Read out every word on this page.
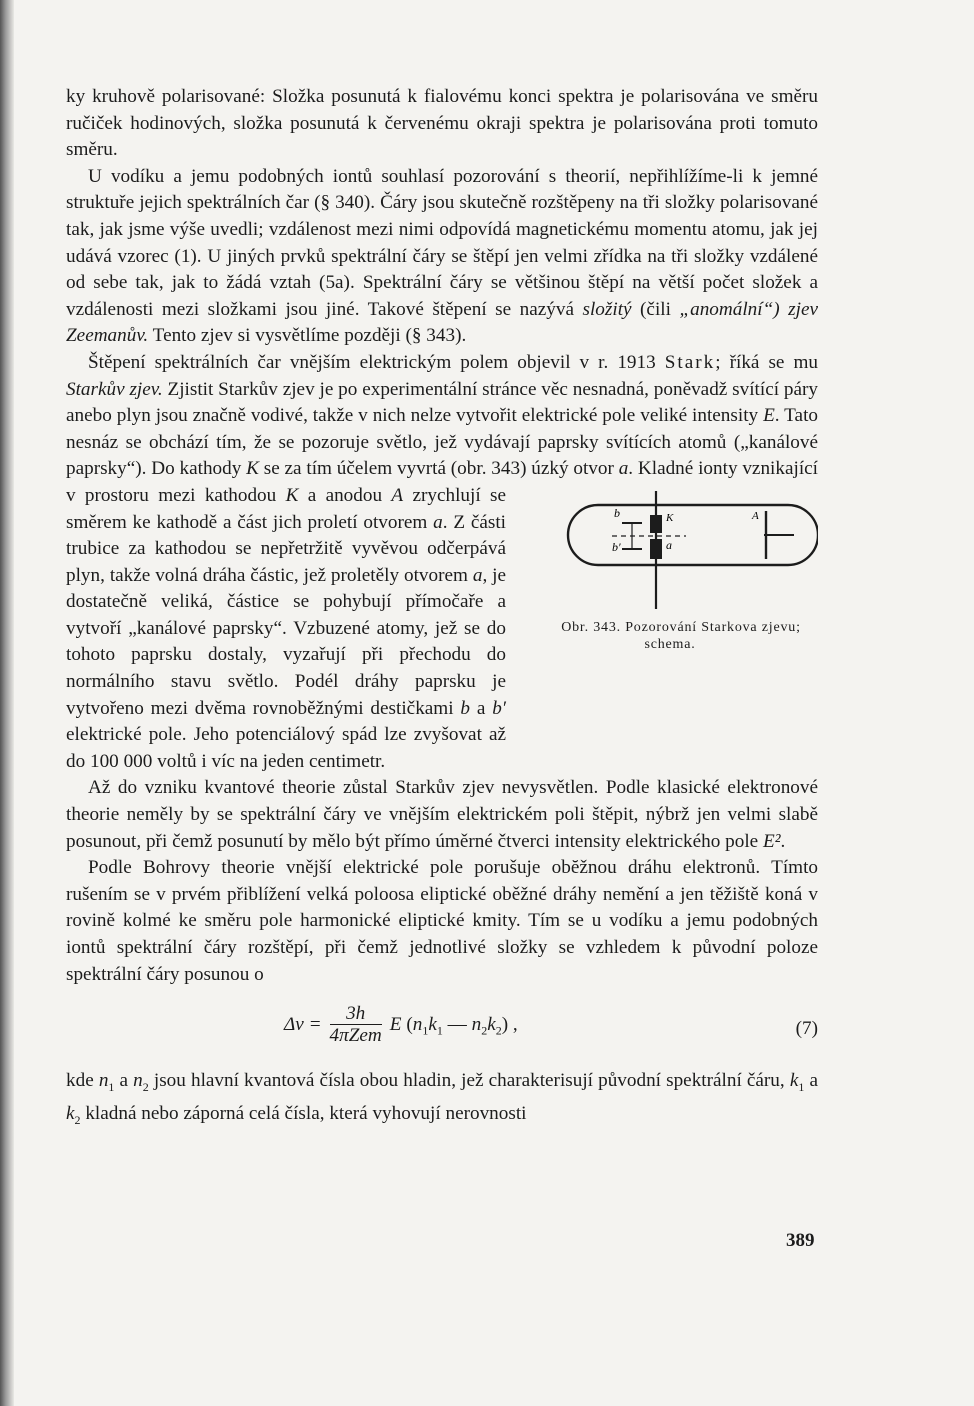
ky kruhově polarisované: Složka posunutá k fialovému konci spektra je polarisována ve směru ručiček hodinových, složka posunutá k červenému okraji spektra je polarisována proti tomuto směru.

U vodíku a jemu podobných iontů souhlasí pozorování s theorií, nepřihlížíme-li k jemné struktuře jejich spektrálních čar (§ 340). Čáry jsou skutečně rozštěpeny na tři složky polarisované tak, jak jsme výše uvedli; vzdálenost mezi nimi odpovídá magnetickému momentu atomu, jak jej udává vzorec (1). U jiných prvků spektrální čáry se štěpí jen velmi zřídka na tři složky vzdálené od sebe tak, jak to žádá vztah (5a). Spektrální čáry se většinou štěpí na větší počet složek a vzdálenosti mezi složkami jsou jiné. Takové štěpení se nazývá složitý (čili „anomální“) zjev Zeemanův. Tento zjev si vysvětlíme později (§ 343).

Štěpení spektrálních čar vnějším elektrickým polem objevil v r. 1913 Stark; říká se mu Starkův zjev. Zjistit Starkův zjev je po experimentální stránce věc nesnadná, poněvadž svítící páry anebo plyn jsou značně vodivé, takže v nich nelze vytvořit elektrické pole veliké intensity E. Tato nesnáz se obchází tím, že se pozoruje světlo, jež vydávají paprsky svítících atomů („kanálové paprsky“). Do kathody K se za tím účelem vyvrtá (obr. 343) úzký otvor
b
b′
K
a
A
Obr. 343. Pozorování Starkova zjevu; schema.
a. Kladné ionty vznikající v prostoru mezi kathodou K a anodou A zrychlují se směrem ke kathodě a část jich proletí otvorem a. Z části trubice za kathodou se nepřetržitě vyvěvou odčerpává plyn, takže volná dráha částic, jež proletěly otvorem a, je dostatečně veliká, částice se pohybují přímočaře a vytvoří „kanálové paprsky“. Vzbuzené atomy, jež se do tohoto paprsku dostaly, vyzařují při přechodu do normálního stavu světlo. Podél dráhy paprsku je vytvořeno mezi dvěma rovnoběžnými destičkami b a b′ elektrické pole. Jeho potenciálový spád lze zvyšovat až do 100 000 voltů i víc na jeden centimetr.

Až do vzniku kvantové theorie zůstal Starkův zjev nevysvětlen. Podle klasické elektronové theorie neměly by se spektrální čáry ve vnějším elektrickém poli štěpit, nýbrž jen velmi slabě posunout, při čemž posunutí by mělo být přímo úměrné čtverci intensity elektrického pole E².

Podle Bohrovy theorie vnější elektrické pole porušuje obĕžnou dráhu elektronů. Tímto rušením se v prvém přiblížení velká poloosa eliptické oběžné dráhy nemění a jen těžiště koná v rovině kolmé ke směru pole harmonické eliptické kmity. Tím se u vodíku a jemu podobných iontů spektrální čáry rozštěpí, při čemž jednotlivé složky se vzhledem k původní poloze spektrální čáry posunou o

$\Delta\nu = \frac{3h}{\text{4πZem}}$ E ($n_1k_1$ — $n_2k_2$) ,	(7)

kde $n_1$ a $n_2$ jsou hlavní kvantová čísla obou hladin, jež charakterisují původní spektrální čáru, $k_1$ a $k_2$ kladná nebo záporná celá čísla, která vyhovují nerovnosti

389
